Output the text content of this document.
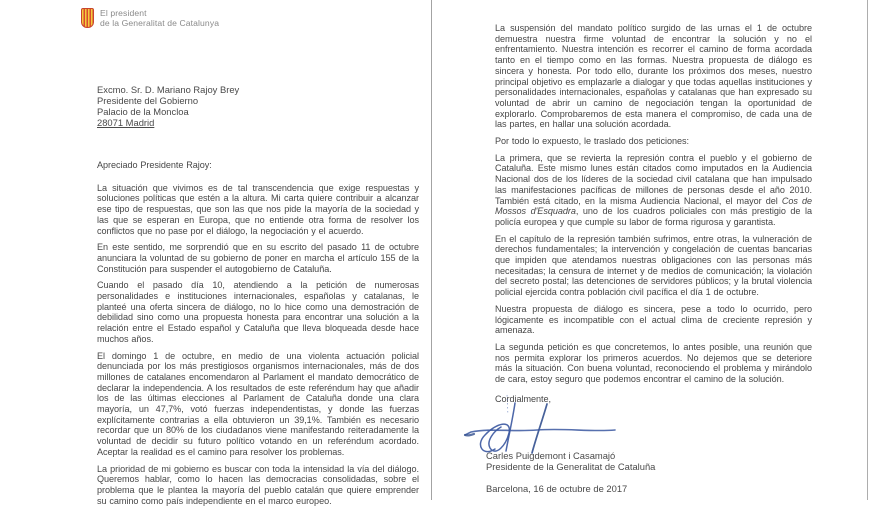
El president
de la Generalitat de Catalunya
Excmo. Sr. D. Mariano Rajoy Brey
Presidente del Gobierno
Palacio de la Moncloa
28071 Madrid

Apreciado Presidente Rajoy:

La situación que vivimos es de tal transcendencia que exige respuestas y soluciones políticas que estén a la altura. Mi carta quiere contribuir a alcanzar ese tipo de respuestas, que son las que nos pide la mayoría de la sociedad y las que se esperan en Europa, que no entiende otra forma de resolver los conflictos que no pase por el diálogo, la negociación y el acuerdo.

En este sentido, me sorprendió que en su escrito del pasado 11 de octubre anunciara la voluntad de su gobierno de poner en marcha el artículo 155 de la Constitución para suspender el autogobierno de Cataluña.

Cuando el pasado día 10, atendiendo a la petición de numerosas personalidades e instituciones internacionales, españolas y catalanas, le planteé una oferta sincera de diálogo, no lo hice como una demostración de debilidad sino como una propuesta honesta para encontrar una solución a la relación entre el Estado español y Cataluña que lleva bloqueada desde hace muchos años.

El domingo 1 de octubre, en medio de una violenta actuación policial denunciada por los más prestigiosos organismos internacionales, más de dos millones de catalanes encomendaron al Parlament el mandato democrático de declarar la independencia. A los resultados de este referéndum hay que añadir los de las últimas elecciones al Parlament de Cataluña donde una clara mayoría, un 47,7%, votó fuerzas independentistas, y donde las fuerzas explícitamente contrarias a ella obtuvieron un 39,1%. También es necesario recordar que un 80% de los ciudadanos viene manifestando reiteradamente la voluntad de decidir su futuro político votando en un referéndum acordado. Aceptar la realidad es el camino para resolver los problemas.

La prioridad de mi gobierno es buscar con toda la intensidad la vía del diálogo. Queremos hablar, como lo hacen las democracias consolidadas, sobre el problema que le plantea la mayoría del pueblo catalán que quiere emprender su camino como país independiente en el marco europeo.

La suspensión del mandato político surgido de las urnas el 1 de octubre demuestra nuestra firme voluntad de encontrar la solución y no el enfrentamiento. Nuestra intención es recorrer el camino de forma acordada tanto en el tiempo como en las formas. Nuestra propuesta de diálogo es sincera y honesta. Por todo ello, durante los próximos dos meses, nuestro principal objetivo es emplazarle a dialogar y que todas aquellas instituciones y personalidades internacionales, españolas y catalanas que han expresado su voluntad de abrir un camino de negociación tengan la oportunidad de explorarlo. Comprobaremos de esta manera el compromiso, de cada una de las partes, en hallar una solución acordada.

Por todo lo expuesto, le traslado dos peticiones:

La primera, que se revierta la represión contra el pueblo y el gobierno de Cataluña. Este mismo lunes están citados como imputados en la Audiencia Nacional dos de los líderes de la sociedad civil catalana que han impulsado las manifestaciones pacíficas de millones de personas desde el año 2010. También está citado, en la misma Audiencia Nacional, el mayor del Cos de Mossos d'Esquadra, uno de los cuadros policiales con más prestigio de la policía europea y que cumple su labor de forma rigurosa y garantista.

En el capítulo de la represión también sufrimos, entre otras, la vulneración de derechos fundamentales; la intervención y congelación de cuentas bancarias que impiden que atendamos nuestras obligaciones con las personas más necesitadas; la censura de internet y de medios de comunicación; la violación del secreto postal; las detenciones de servidores públicos; y la brutal violencia policial ejercida contra población civil pacífica el día 1 de octubre.

Nuestra propuesta de diálogo es sincera, pese a todo lo ocurrido, pero lógicamente es incompatible con el actual clima de creciente represión y amenaza.

La segunda petición es que concretemos, lo antes posible, una reunión que nos permita explorar los primeros acuerdos. No dejemos que se deteriore más la situación. Con buena voluntad, reconociendo el problema y mirándolo de cara, estoy seguro que podemos encontrar el camino de la solución.

Cordialmente,

Carles Puigdemont i Casamajó
Presidente de la Generalitat de Cataluña
Barcelona, 16 de octubre de 2017
